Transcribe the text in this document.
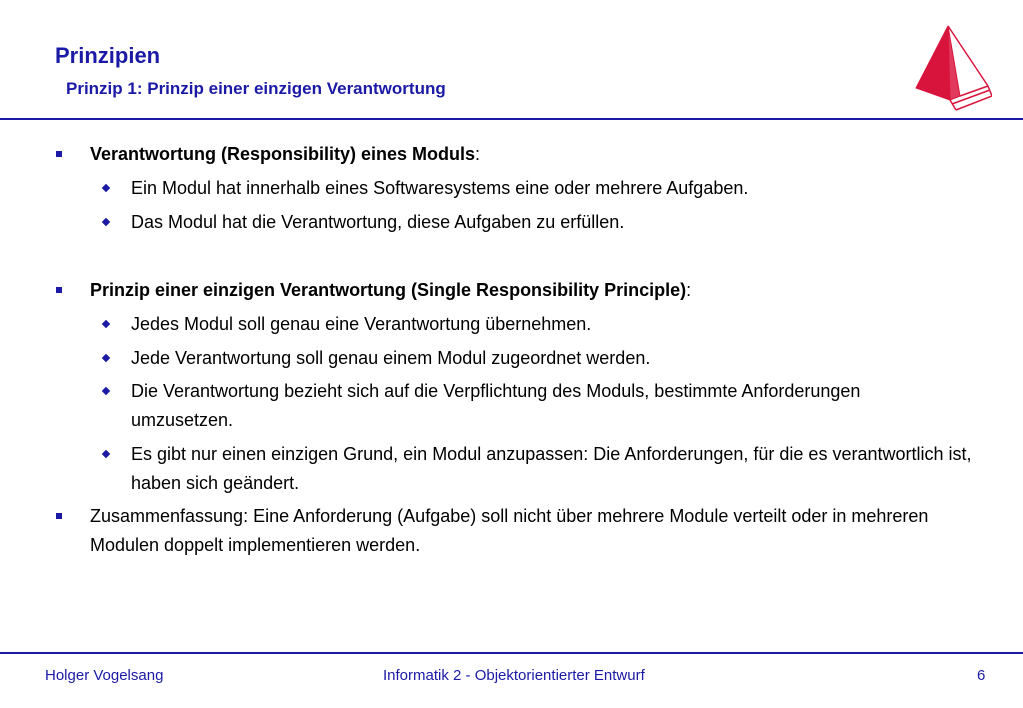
Prinzipien
Prinzip 1: Prinzip einer einzigen Verantwortung
Verantwortung (Responsibility) eines Moduls:
Ein Modul hat innerhalb eines Softwaresystems eine oder mehrere Aufgaben.
Das Modul hat die Verantwortung, diese Aufgaben zu erfüllen.
Prinzip einer einzigen Verantwortung (Single Responsibility Principle):
Jedes Modul soll genau eine Verantwortung übernehmen.
Jede Verantwortung soll genau einem Modul zugeordnet werden.
Die Verantwortung bezieht sich auf die Verpflichtung des Moduls, bestimmte Anforderungen umzusetzen.
Es gibt nur einen einzigen Grund, ein Modul anzupassen: Die Anforderungen, für die es verantwortlich ist, haben sich geändert.
Zusammenfassung: Eine Anforderung (Aufgabe) soll nicht über mehrere Module verteilt oder in mehreren Modulen doppelt implementieren werden.
Holger Vogelsang	Informatik 2 - Objektorientierter Entwurf	6
